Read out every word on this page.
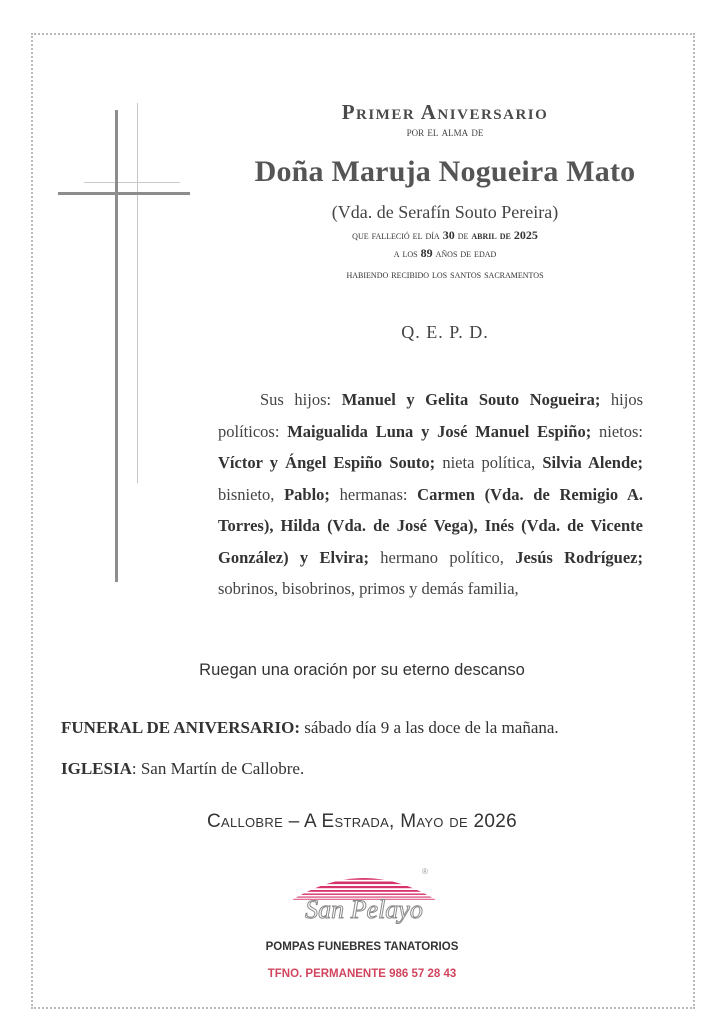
Primer Aniversario
por el alma de
Doña Maruja Nogueira Mato
(Vda. de Serafín Souto Pereira)
que falleció el día 30 de abril de 2025
a los 89 años de edad
habiendo recibido los santos sacramentos
Q. E. P. D.
Sus hijos: Manuel y Gelita Souto Nogueira; hijos políticos: Maigualida Luna y José Manuel Espiño; nietos: Víctor y Ángel Espiño Souto; nieta política, Silvia Alende; bisnieto, Pablo; hermanas: Carmen (Vda. de Remigio A. Torres), Hilda (Vda. de José Vega), Inés (Vda. de Vicente González) y Elvira; hermano político, Jesús Rodríguez; sobrinos, bisobrinos, primos y demás familia,
Ruegan una oración por su eterno descanso
FUNERAL DE ANIVERSARIO: sábado día 9 a las doce de la mañana.
IGLESIA: San Martín de Callobre.
Callobre – A Estrada, Mayo de 2026
®
San Pelayo
POMPAS FUNEBRES TANATORIOS
TFNO. PERMANENTE 986 57 28 43
